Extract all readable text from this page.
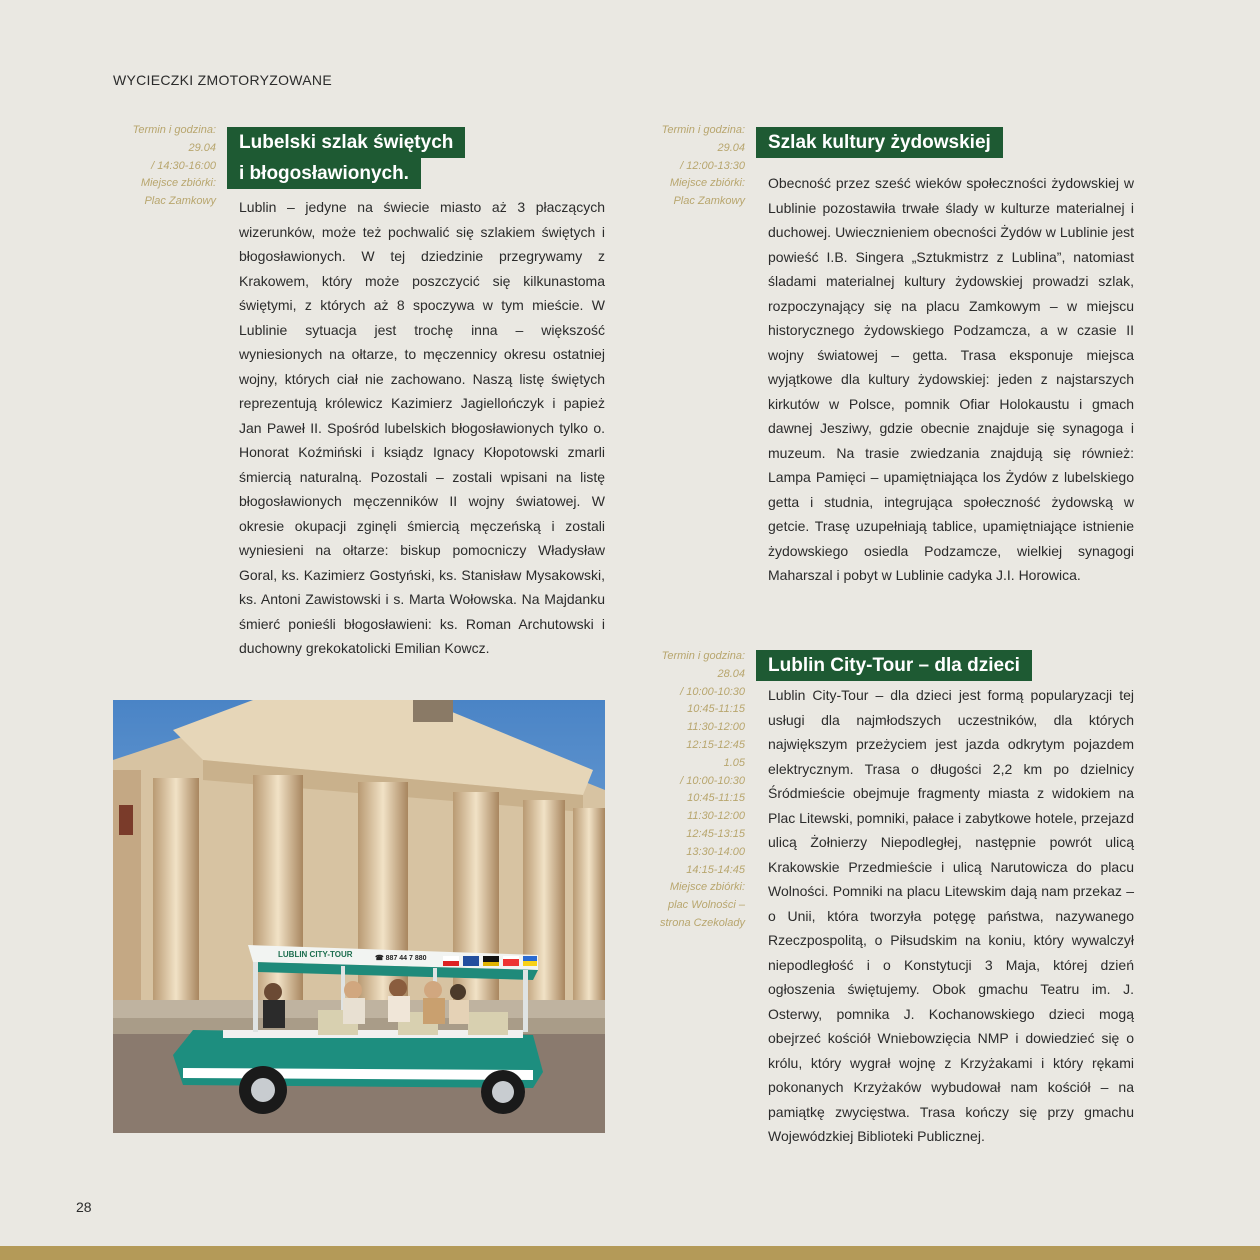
WYCIECZKI ZMOTORYZOWANE
Termin i godzina:
29.04
/ 14:30-16:00
Miejsce zbiórki:
Plac Zamkowy
Lubelski szlak świętych
i błogosławionych.

Lublin – jedyne na świecie miasto aż 3 płaczących wizerunków, może też pochwalić się szlakiem świętych i błogosławionych. W tej dziedzinie przegrywamy z Krakowem, który może poszczycić się kilkunastoma świętymi, z których aż 8 spoczywa w tym mieście. W Lublinie sytuacja jest trochę inna – większość wyniesionych na ołtarze, to męczennicy okresu ostatniej wojny, których ciał nie zachowano. Naszą listę świętych reprezentują królewicz Kazimierz Jagiellończyk i papież Jan Paweł II. Spośród lubelskich błogosławionych tylko o. Honorat Koźmiński i ksiądz Ignacy Kłopotowski zmarli śmiercią naturalną. Pozostali – zostali wpisani na listę błogosławionych męczenników II wojny światowej. W okresie okupacji zginęli śmiercią męczeńską i zostali wyniesieni na ołtarze: biskup pomocniczy Władysław Goral, ks. Kazimierz Gostyński, ks. Stanisław Mysakowski, ks. Antoni Zawistowski i s. Marta Wołowska. Na Majdanku śmierć ponieśli błogosławieni: ks. Roman Archutowski i duchowny grekokatolicki Emilian Kowcz.

LUBLIN CITY-TOUR	☎ 887 44 7 880
Termin i godzina:
29.04
/ 12:00-13:30
Miejsce zbiórki:
Plac Zamkowy
Szlak kultury żydowskiej

Obecność przez sześć wieków społeczności żydowskiej w Lublinie pozostawiła trwałe ślady w kulturze materialnej i duchowej. Uwiecznieniem obecności Żydów w Lublinie jest powieść I.B. Singera „Sztukmistrz z Lublina”, natomiast śladami materialnej kultury żydowskiej prowadzi szlak, rozpoczynający się na placu Zamkowym – w miejscu historycznego żydowskiego Podzamcza, a w czasie II wojny światowej – getta. Trasa eksponuje miejsca wyjątkowe dla kultury żydowskiej: jeden z najstarszych kirkutów w Polsce, pomnik Ofiar Holokaustu i gmach dawnej Jesziwy, gdzie obecnie znajduje się synagoga i muzeum. Na trasie zwiedzania znajdują się również: Lampa Pamięci – upamiętniająca los Żydów z lubelskiego getta i studnia, integrująca społeczność żydowską w getcie. Trasę uzupełniają tablice, upamiętniające istnienie żydowskiego osiedla Podzamcze, wielkiej synagogi Maharszal i pobyt w Lublinie cadyka J.I. Horowica.

Termin i godzina:
28.04
/ 10:00-10:30
10:45-11:15
11:30-12:00
12:15-12:45
1.05
/ 10:00-10:30
10:45-11:15
11:30-12:00
12:45-13:15
13:30-14:00
14:15-14:45
Miejsce zbiórki:
plac Wolności –
strona Czekolady
Lublin City-Tour – dla dzieci

Lublin City-Tour – dla dzieci jest formą popularyzacji tej usługi dla najmłodszych uczestników, dla których największym przeżyciem jest jazda odkrytym pojazdem elektrycznym. Trasa o długości 2,2 km po dzielnicy Śródmieście obejmuje fragmenty miasta z widokiem na Plac Litewski, pomniki, pałace i zabytkowe hotele, przejazd ulicą Żołnierzy Niepodległej, następnie powrót ulicą Krakowskie Przedmieście i ulicą Narutowicza do placu Wolności. Pomniki na placu Litewskim dają nam przekaz – o Unii, która tworzyła potęgę państwa, nazywanego Rzeczpospolitą, o Piłsudskim na koniu, który wywalczył niepodległość i o Konstytucji 3 Maja, której dzień ogłoszenia świętujemy. Obok gmachu Teatru im. J. Osterwy, pomnika J. Kochanowskiego dzieci mogą obejrzeć kościół Wniebowzięcia NMP i dowiedzieć się o królu, który wygrał wojnę z Krzyżakami i który rękami pokonanych Krzyżaków wybudował nam kościół – na pamiątkę zwycięstwa. Trasa kończy się przy gmachu Wojewódzkiej Biblioteki Publicznej.

28
